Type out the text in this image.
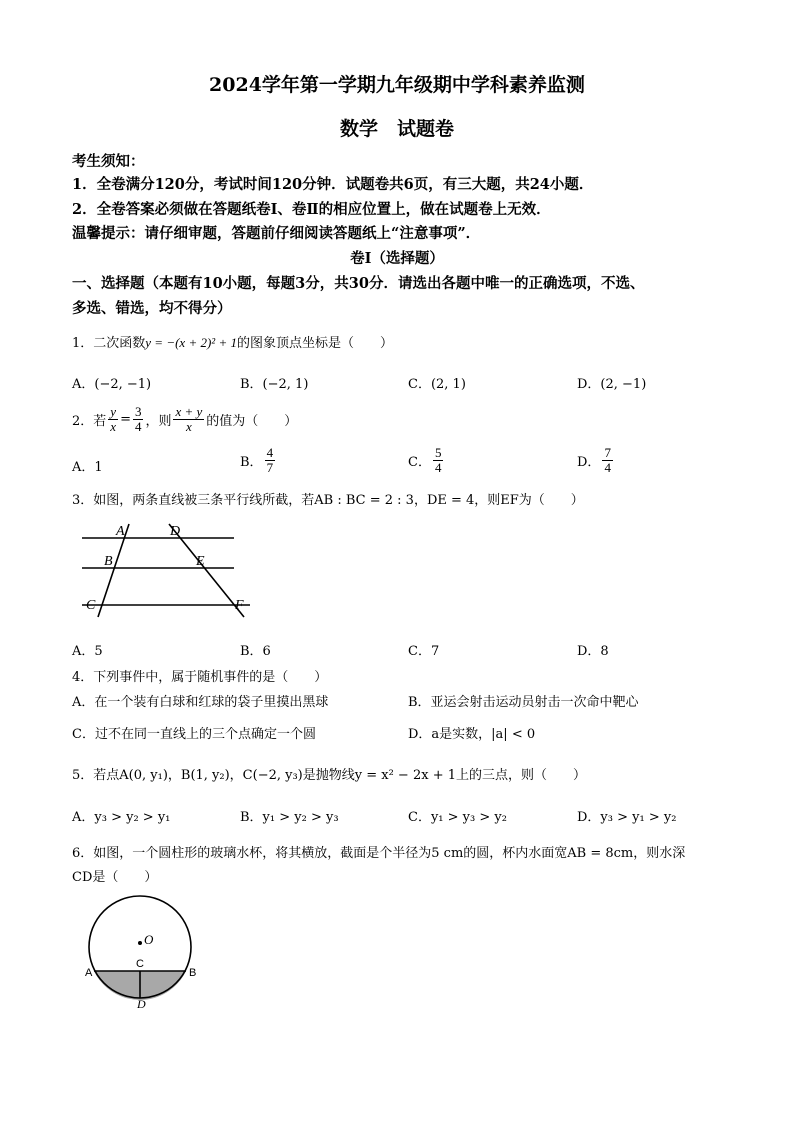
2024学年第一学期九年级期中学科素养监测
数学　试题卷
考生须知：
1．全卷满分120分，考试时间120分钟．试题卷共6页，有三大题，共24小题．
2．全卷答案必须做在答题纸卷Ⅰ、卷Ⅱ的相应位置上，做在试题卷上无效．
温馨提示：请仔细审题，答题前仔细阅读答题纸上“注意事项”．
卷Ⅰ（选择题）
一、选择题（本题有10小题，每题3分，共30分．请选出各题中唯一的正确选项，不选、
多选、错选，均不得分）
1．二次函数y = −(x + 2)² + 1的图象顶点坐标是（　　）
A．(−2, −1)	B．(−2, 1)	C．(2, 1)	D．(2, −1)
2．若 $\frac{y}{x} = \frac{3}{4}$ ，则 $\frac{x + y}{x}$ 的值为（　　）
A．1	B． $\frac{4}{7}$	C． $\frac{5}{4}$	D． $\frac{7}{4}$
3．如图，两条直线被三条平行线所截，若AB : BC = 2 : 3，DE = 4，则EF为（　　）
A	D
B	E
C	F
A．5	B．6	C．7	D．8
4．下列事件中，属于随机事件的是（　　）
A．在一个装有白球和红球的袋子里摸出黑球	B．亚运会射击运动员射击一次命中靶心
C．过不在同一直线上的三个点确定一个圆	D．a是实数，|a| < 0
5．若点A(0, y₁)，B(1, y₂)，C(−2, y₃)是抛物线y = x² − 2x + 1上的三点，则（　　）
A．y₃ > y₂ > y₁	B．y₁ > y₂ > y₃	C．y₁ > y₃ > y₂	D．y₃ > y₁ > y₂
6．如图，一个圆柱形的玻璃水杯，将其横放，截面是个半径为5 cm的圆，杯内水面宽AB = 8cm，则水深
CD是（　　）
O
C
A	B
D
